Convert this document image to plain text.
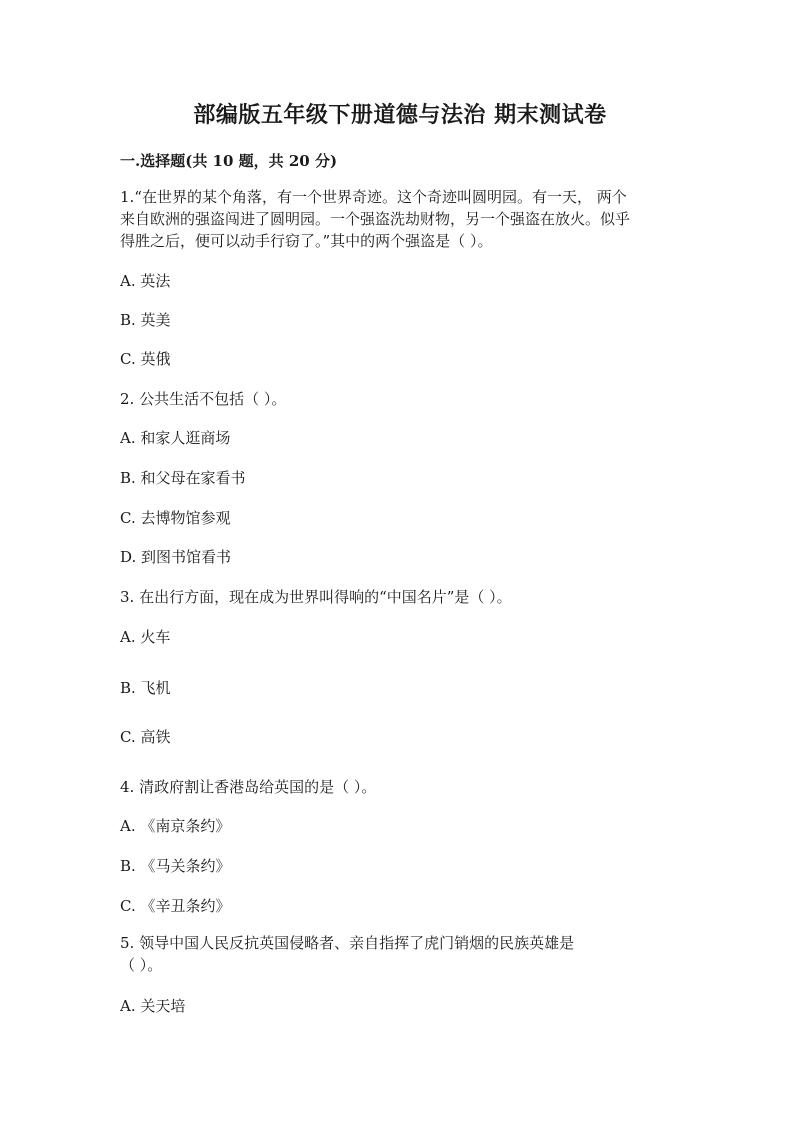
部编版五年级下册道德与法治 期末测试卷
一.选择题(共 10 题，共 20 分)
1.“在世界的某个角落，有一个世界奇迹。这个奇迹叫圆明园。有一天， 两个
来自欧洲的强盗闯进了圆明园。一个强盗洗劫财物，另一个强盗在放火。似乎
得胜之后，便可以动手行窃了。”其中的两个强盗是（ ）。
A. 英法
B. 英美
C. 英俄
2. 公共生活不包括（ ）。
A. 和家人逛商场
B. 和父母在家看书
C. 去博物馆参观
D. 到图书馆看书
3. 在出行方面，现在成为世界叫得响的“中国名片”是（ ）。
A. 火车
B. 飞机
C. 高铁
4. 清政府割让香港岛给英国的是（ ）。
A. 《南京条约》
B. 《马关条约》
C. 《辛丑条约》
5. 领导中国人民反抗英国侵略者、亲自指挥了虎门销烟的民族英雄是
（ ）。
A. 关天培
